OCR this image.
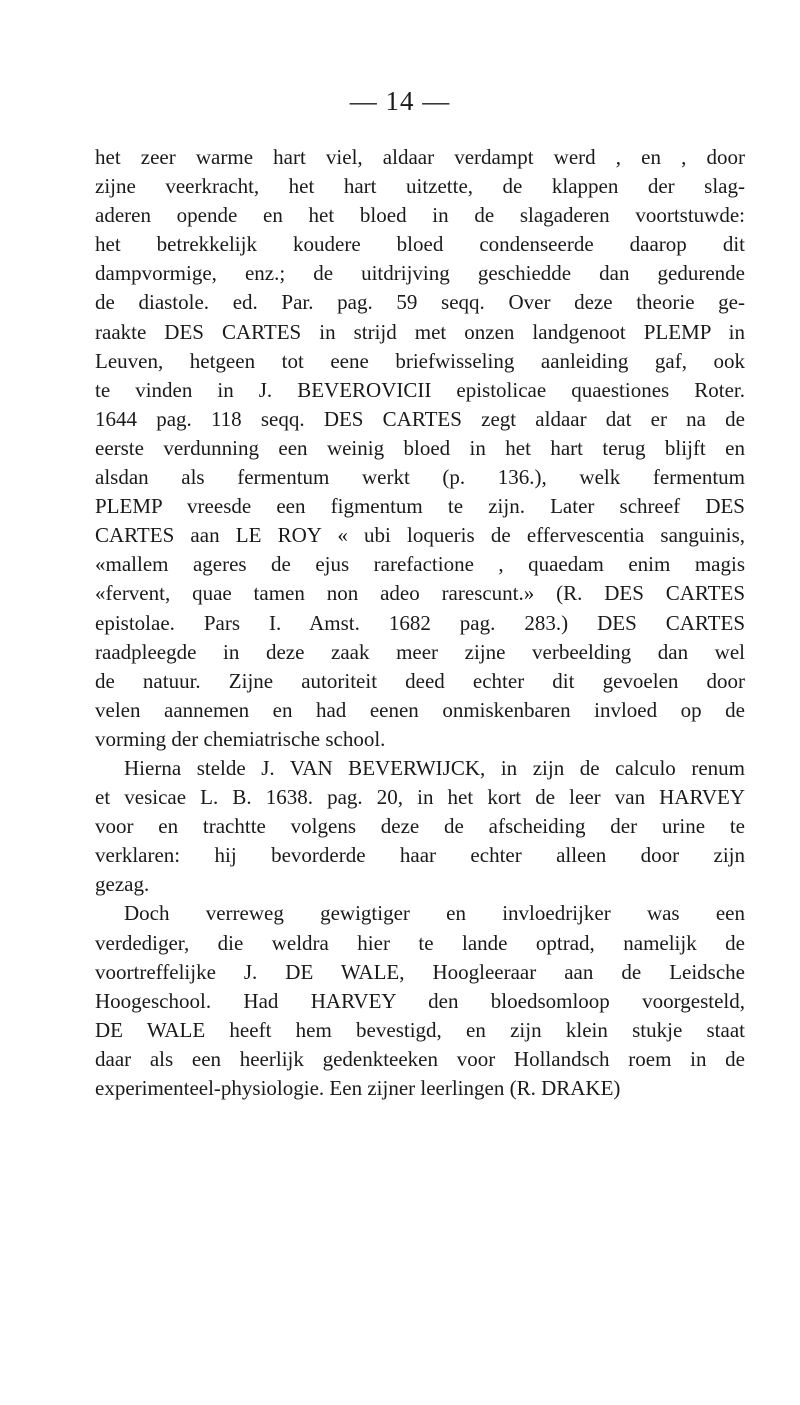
— 14 —
het zeer warme hart viel, aldaar verdampt werd , en , door
zijne veerkracht, het hart uitzette, de klappen der slag-
aderen opende en het bloed in de slagaderen voortstuwde:
het betrekkelijk koudere bloed condenseerde daarop dit
dampvormige, enz.; de uitdrijving geschiedde dan gedurende
de diastole. ed. Par. pag. 59 seqq. Over deze theorie ge-
raakte DES CARTES in strijd met onzen landgenoot PLEMP in
Leuven, hetgeen tot eene briefwisseling aanleiding gaf, ook
te vinden in J. BEVEROVICII epistolicae quaestiones Roter.
1644 pag. 118 seqq. DES CARTES zegt aldaar dat er na de
eerste verdunning een weinig bloed in het hart terug blijft en
alsdan als fermentum werkt (p. 136.), welk fermentum
PLEMP vreesde een figmentum te zijn. Later schreef DES
CARTES aan LE ROY « ubi loqueris de effervescentia sanguinis,
«mallem ageres de ejus rarefactione , quaedam enim magis
«fervent, quae tamen non adeo rarescunt.» (R. DES CARTES
epistolae. Pars I. Amst. 1682 pag. 283.) DES CARTES
raadpleegde in deze zaak meer zijne verbeelding dan wel
de natuur. Zijne autoriteit deed echter dit gevoelen door
velen aannemen en had eenen onmiskenbaren invloed op de
vorming der chemiatrische school.
Hierna stelde J. VAN BEVERWIJCK, in zijn de calculo renum
et vesicae L. B. 1638. pag. 20, in het kort de leer van HARVEY
voor en trachtte volgens deze de afscheiding der urine te
verklaren: hij bevorderde haar echter alleen door zijn
gezag.
Doch verreweg gewigtiger en invloedrijker was een
verdediger, die weldra hier te lande optrad, namelijk de
voortreffelijke J. DE WALE, Hoogleeraar aan de Leidsche
Hoogeschool. Had HARVEY den bloedsomloop voorgesteld,
DE WALE heeft hem bevestigd, en zijn klein stukje staat
daar als een heerlijk gedenkteeken voor Hollandsch roem in de
experimenteel-physiologie. Een zijner leerlingen (R. DRAKE)
